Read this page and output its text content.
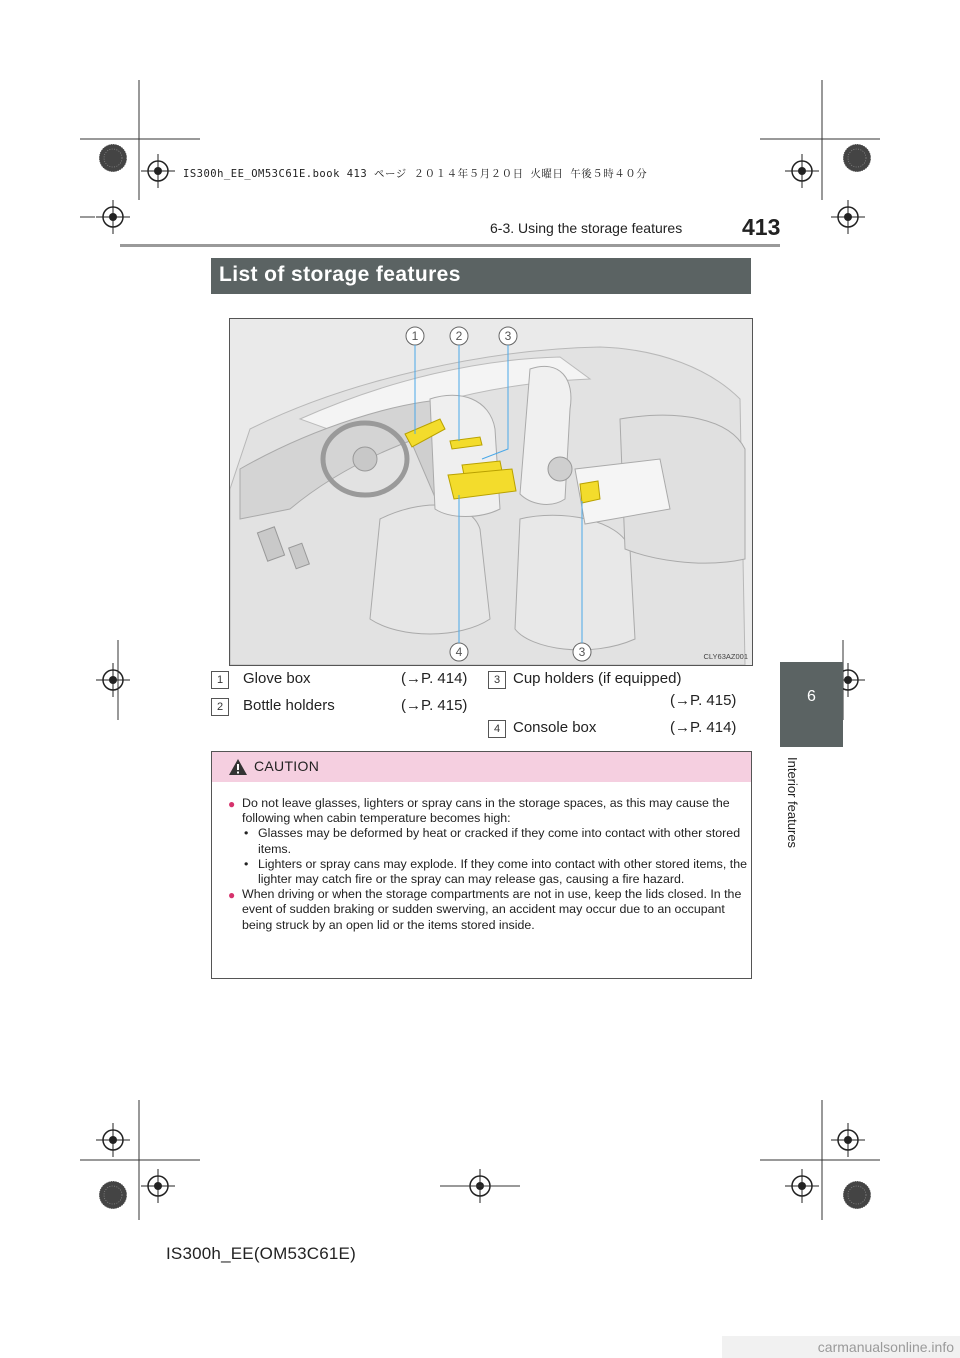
IS300h_EE_OM53C61E.book 413 ページ ２０１４年５月２０日 火曜日 午後５時４０分
6-3. Using the storage features	413
List of storage features
1	2	3
4	3	CLY63AZ001
6
Interior features
1	Glove box	(→P. 414)
2	Bottle holders	(→P. 415)
3 Cup holders (if equipped)
(→P. 415)
4 Console box	(→P. 414)
CAUTION
● Do not leave glasses, lighters or spray cans in the storage spaces, as this may cause the following when cabin temperature becomes high:
• Glasses may be deformed by heat or cracked if they come into contact with other stored items.
• Lighters or spray cans may explode. If they come into contact with other stored items, the lighter may catch fire or the spray can may release gas, causing a fire hazard.
● When driving or when the storage compartments are not in use, keep the lids closed. In the event of sudden braking or sudden swerving, an accident may occur due to an occupant being struck by an open lid or the items stored inside.
IS300h_EE(OM53C61E)
carmanualsonline.info
